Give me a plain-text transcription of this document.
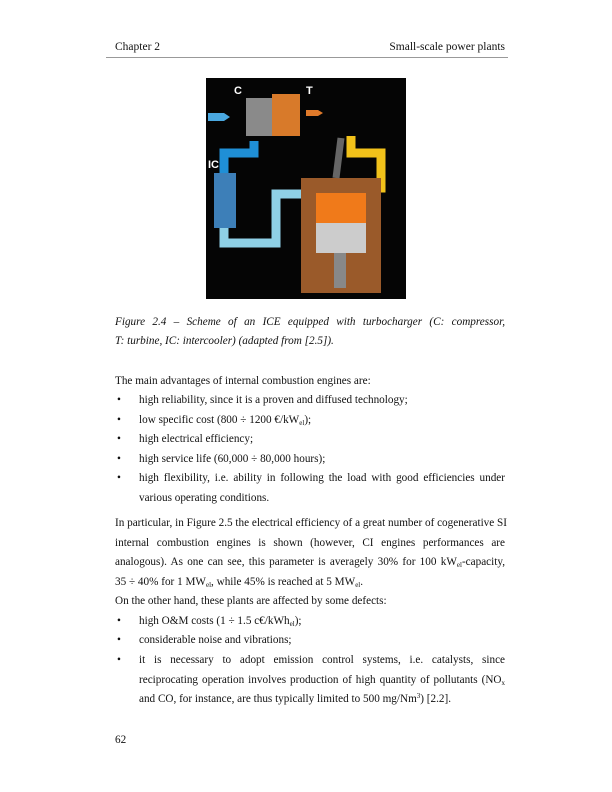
Chapter 2	Small-scale power plants
IC
C	T
Figure 2.4 – Scheme of an ICE equipped with turbocharger (C: compressor,
T: turbine, IC: intercooler) (adapted from [2.5]).
The main advantages of internal combustion engines are:
• high reliability, since it is a proven and diffused technology;
• low specific cost (800 ÷ 1200 $€/kW_{el}$);
• high electrical efficiency;
• high service life (60,000 ÷ 80,000 hours);
• high flexibility, i.e. ability in following the load with good efficiencies under
various operating conditions.
In particular, in Figure 2.5 the electrical efficiency of a great number of cogenerative SI
internal combustion engines is shown (however, CI engines performances are
analogous). As one can see, this parameter is averagely 30% for 100 $kW_{el}$-capacity,
35 ÷ 40% for 1 $MW_{el}$, while 45% is reached at 5 $MW_{el}$.
On the other hand, these plants are affected by some defects:
• high O&M costs (1 ÷ 1.5 c€/kWh$_{el}$);
• considerable noise and vibrations;
• it is necessary to adopt emission control systems, i.e. catalysts, since
reciprocating operation involves production of high quantity of pollutants ($NO_x$
and CO, for instance, are thus typically limited to 500 mg/Nm$^3$) [2.2].
62
